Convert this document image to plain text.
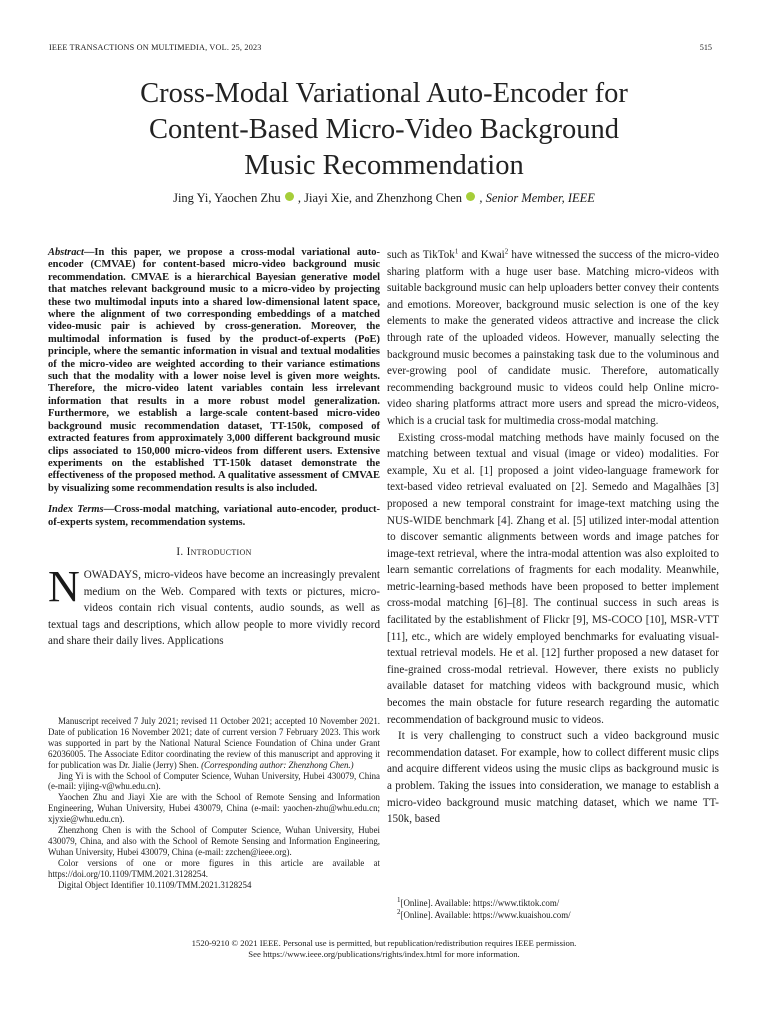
IEEE TRANSACTIONS ON MULTIMEDIA, VOL. 25, 2023	515
Cross-Modal Variational Auto-Encoder for
Content-Based Micro-Video Background
Music Recommendation
Jing Yi, Yaochen Zhu , Jiayi Xie, and Zhenzhong Chen , Senior Member, IEEE

Abstract—In this paper, we propose a cross-modal variational auto-encoder (CMVAE) for content-based micro-video background music recommendation. CMVAE is a hierarchical Bayesian generative model that matches relevant background music to a micro-video by projecting these two multimodal inputs into a shared low-dimensional latent space, where the alignment of two corresponding embeddings of a matched video-music pair is achieved by cross-generation. Moreover, the multimodal information is fused by the product-of-experts (PoE) principle, where the semantic information in visual and textual modalities of the micro-video are weighted according to their variance estimations such that the modality with a lower noise level is given more weights. Therefore, the micro-video latent variables contain less irrelevant information that results in a more robust model generalization. Furthermore, we establish a large-scale content-based micro-video background music recommendation dataset, TT-150k, composed of extracted features from approximately 3,000 different background music clips associated to 150,000 micro-videos from different users. Extensive experiments on the established TT-150k dataset demonstrate the effectiveness of the proposed method. A qualitative assessment of CMVAE by visualizing some recommendation results is also included.

Index Terms—Cross-modal matching, variational auto-encoder, product-of-experts system, recommendation systems.
I. Introduction

NOWADAYS, micro-videos have become an increasingly prevalent medium on the Web. Compared with texts or pictures, micro-videos contain rich visual contents, audio sounds, as well as textual tags and descriptions, which allow people to more vividly record and share their daily lives. Applications

Manuscript received 7 July 2021; revised 11 October 2021; accepted 10 November 2021. Date of publication 16 November 2021; date of current version 7 February 2023. This work was supported in part by the National Natural Science Foundation of China under Grant 62036005. The Associate Editor coordinating the review of this manuscript and approving it for publication was Dr. Jialie (Jerry) Shen. (Corresponding author: Zhenzhong Chen.)

Jing Yi is with the School of Computer Science, Wuhan University, Hubei 430079, China (e-mail: yijing-v@whu.edu.cn).

Yaochen Zhu and Jiayi Xie are with the School of Remote Sensing and Information Engineering, Wuhan University, Hubei 430079, China (e-mail: yaochen-zhu@whu.edu.cn; xjyxie@whu.edu.cn).

Zhenzhong Chen is with the School of Computer Science, Wuhan University, Hubei 430079, China, and also with the School of Remote Sensing and Information Engineering, Wuhan University, Hubei 430079, China (e-mail: zzchen@ieee.org).

Color versions of one or more figures in this article are available at https://doi.org/10.1109/TMM.2021.3128254.

Digital Object Identifier 10.1109/TMM.2021.3128254

such as TikTok$^1$ and Kwai$^2$ have witnessed the success of the micro-video sharing platform with a huge user base. Matching micro-videos with suitable background music can help uploaders better convey their contents and emotions. Moreover, background music selection is one of the key elements to make the generated videos attractive and increase the click through rate of the uploaded videos. However, manually selecting the background music becomes a painstaking task due to the voluminous and ever-growing pool of candidate music. Therefore, automatically recommending background music to videos could help Online micro-video sharing platforms attract more users and spread the micro-videos, which is a crucial task for multimedia cross-modal matching.

Existing cross-modal matching methods have mainly focused on the matching between textual and visual (image or video) modalities. For example, Xu et al. [1] proposed a joint video-language framework for text-based video retrieval evaluated on [2]. Semedo and Magalhães [3] proposed a new temporal constraint for image-text matching using the NUS-WIDE benchmark [4]. Zhang et al. [5] utilized inter-modal attention to discover semantic alignments between words and image patches for image-text retrieval, where the intra-modal attention was also exploited to learn semantic correlations of fragments for each modality. Meanwhile, metric-learning-based methods have been proposed to better implement cross-modal matching [6]–[8]. The continual success in such areas is facilitated by the establishment of Flickr [9], MS-COCO [10], MSR-VTT [11], etc., which are widely employed benchmarks for evaluating visual-textual retrieval models. He et al. [12] further proposed a new dataset for fine-grained cross-modal retrieval. However, there exists no publicly available dataset for matching videos with background music, which becomes the main obstacle for future research regarding the automatic recommendation of background music to videos.

It is very challenging to construct such a video background music recommendation dataset. For example, how to collect different music clips and acquire different videos using the music clips as background music is a problem. Taking the issues into consideration, we manage to establish a micro-video background music matching dataset, which we name TT-150k, based

$^1$[Online]. Available: https://www.tiktok.com/

$^2$[Online]. Available: https://www.kuaishou.com/

1520-9210 © 2021 IEEE. Personal use is permitted, but republication/redistribution requires IEEE permission.
See https://www.ieee.org/publications/rights/index.html for more information.
